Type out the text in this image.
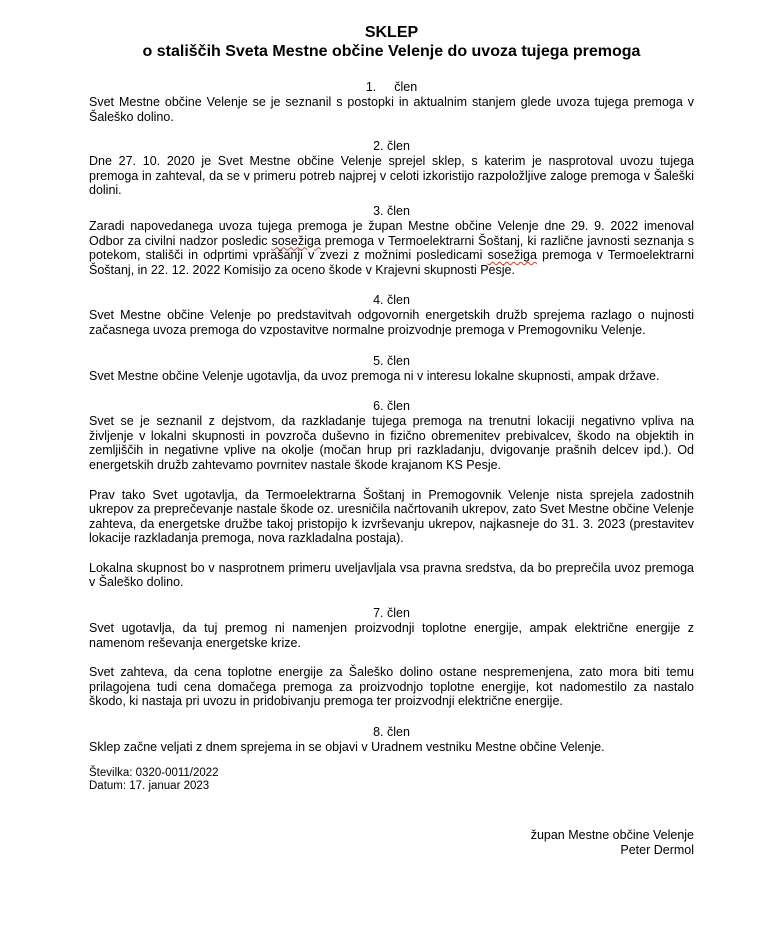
SKLEP
o stališčih Sveta Mestne občine Velenje do uvoza tujega premoga
1. člen

Svet Mestne občine Velenje se je seznanil s postopki in aktualnim stanjem glede uvoza tujega premoga v Šaleško dolino.

2. člen

Dne 27. 10. 2020 je Svet Mestne občine Velenje sprejel sklep, s katerim je nasprotoval uvozu tujega premoga in zahteval, da se v primeru potreb najprej v celoti izkoristijo razpoložljive zaloge premoga v Šaleški dolini.

3. člen

Zaradi napovedanega uvoza tujega premoga je župan Mestne občine Velenje dne 29. 9. 2022 imenoval Odbor za civilni nadzor posledic sosežiga premoga v Termoelektrarni Šoštanj, ki različne javnosti seznanja s potekom, stališči in odprtimi vprašanji v zvezi z možnimi posledicami sosežiga premoga v Termoelektrarni Šoštanj, in 22. 12. 2022 Komisijo za oceno škode v Krajevni skupnosti Pesje.

4. člen

Svet Mestne občine Velenje po predstavitvah odgovornih energetskih družb sprejema razlago o nujnosti začasnega uvoza premoga do vzpostavitve normalne proizvodnje premoga v Premogovniku Velenje.

5. člen

Svet Mestne občine Velenje ugotavlja, da uvoz premoga ni v interesu lokalne skupnosti, ampak države.

6. člen

Svet se je seznanil z dejstvom, da razkladanje tujega premoga na trenutni lokaciji negativno vpliva na življenje v lokalni skupnosti in povzroča duševno in fizično obremenitev prebivalcev, škodo na objektih in zemljiščih in negativne vplive na okolje (močan hrup pri razkladanju, dvigovanje prašnih delcev ipd.). Od energetskih družb zahtevamo povrnitev nastale škode krajanom KS Pesje.

Prav tako Svet ugotavlja, da Termoelektrarna Šoštanj in Premogovnik Velenje nista sprejela zadostnih ukrepov za preprečevanje nastale škode oz. uresničila načrtovanih ukrepov, zato Svet Mestne občine Velenje zahteva, da energetske družbe takoj pristopijo k izvrševanju ukrepov, najkasneje do 31. 3. 2023 (prestavitev lokacije razkladanja premoga, nova razkladalna postaja).

Lokalna skupnost bo v nasprotnem primeru uveljavljala vsa pravna sredstva, da bo preprečila uvoz premoga v Šaleško dolino.

7. člen

Svet ugotavlja, da tuj premog ni namenjen proizvodnji toplotne energije, ampak električne energije z namenom reševanja energetske krize.

Svet zahteva, da cena toplotne energije za Šaleško dolino ostane nespremenjena, zato mora biti temu prilagojena tudi cena domačega premoga za proizvodnjo toplotne energije, kot nadomestilo za nastalo škodo, ki nastaja pri uvozu in pridobivanju premoga ter proizvodnji električne energije.

8. člen

Sklep začne veljati z dnem sprejema in se objavi v Uradnem vestniku Mestne občine Velenje.

Številka: 0320-0011/2022

Datum: 17. januar 2023

župan Mestne občine Velenje
Peter Dermol
